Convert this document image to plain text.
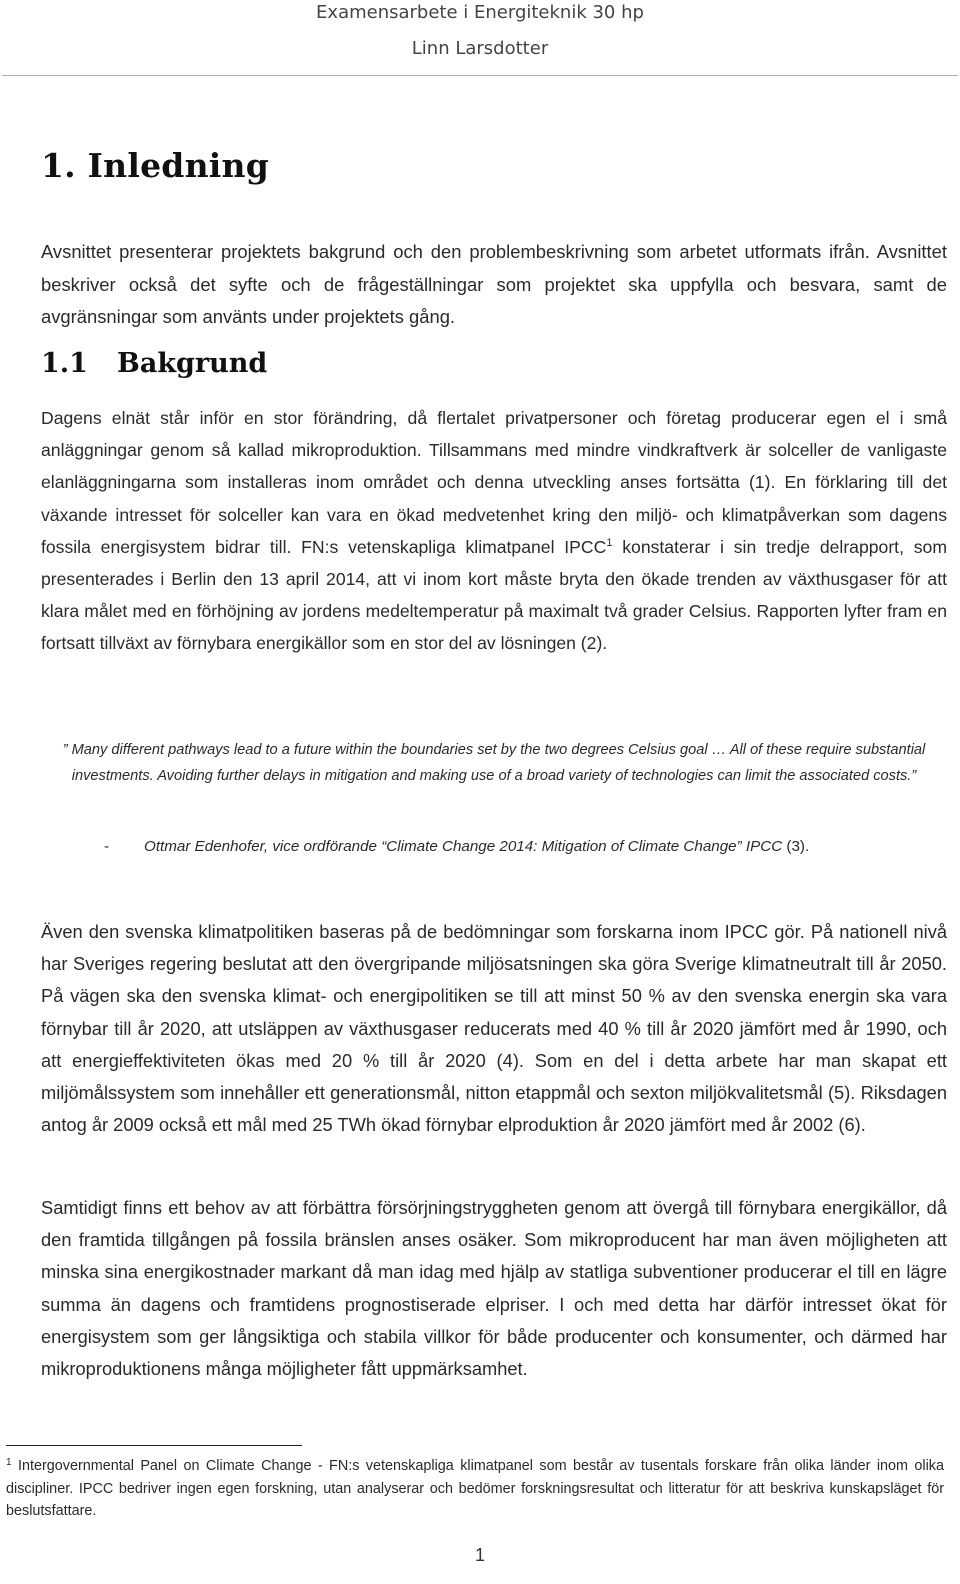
Examensarbete i Energiteknik 30 hp
Linn Larsdotter
1. Inledning

Avsnittet presenterar projektets bakgrund och den problembeskrivning som arbetet utformats ifrån. Avsnittet beskriver också det syfte och de frågeställningar som projektet ska uppfylla och besvara, samt de avgränsningar som använts under projektets gång.

1.1 Bakgrund

Dagens elnät står inför en stor förändring, då flertalet privatpersoner och företag producerar egen el i små anläggningar genom så kallad mikroproduktion. Tillsammans med mindre vindkraftverk är solceller de vanligaste elanläggningarna som installeras inom området och denna utveckling anses fortsätta (1). En förklaring till det växande intresset för solceller kan vara en ökad medvetenhet kring den miljö- och klimatpåverkan som dagens fossila energisystem bidrar till. FN:s vetenskapliga klimatpanel IPCC$^1$ konstaterar i sin tredje delrapport, som presenterades i Berlin den 13 april 2014, att vi inom kort måste bryta den ökade trenden av växthusgaser för att klara målet med en förhöjning av jordens medeltemperatur på maximalt två grader Celsius. Rapporten lyfter fram en fortsatt tillväxt av förnybara energikällor som en stor del av lösningen (2).

” Many different pathways lead to a future within the boundaries set by the two degrees Celsius goal … All of these require substantial investments. Avoiding further delays in mitigation and making use of a broad variety of technologies can limit the associated costs.”

- Ottmar Edenhofer, vice ordförande “Climate Change 2014: Mitigation of Climate Change” IPCC (3).

Även den svenska klimatpolitiken baseras på de bedömningar som forskarna inom IPCC gör. På nationell nivå har Sveriges regering beslutat att den övergripande miljösatsningen ska göra Sverige klimatneutralt till år 2050. På vägen ska den svenska klimat- och energipolitiken se till att minst 50 % av den svenska energin ska vara förnybar till år 2020, att utsläppen av växthusgaser reducerats med 40 % till år 2020 jämfört med år 1990, och att energieffektiviteten ökas med 20 % till år 2020 (4). Som en del i detta arbete har man skapat ett miljömålssystem som innehåller ett generationsmål, nitton etappmål och sexton miljökvalitetsmål (5). Riksdagen antog år 2009 också ett mål med 25 TWh ökad förnybar elproduktion år 2020 jämfört med år 2002 (6).

Samtidigt finns ett behov av att förbättra försörjningstryggheten genom att övergå till förnybara energikällor, då den framtida tillgången på fossila bränslen anses osäker. Som mikroproducent har man även möjligheten att minska sina energikostnader markant då man idag med hjälp av statliga subventioner producerar el till en lägre summa än dagens och framtidens prognostiserade elpriser. I och med detta har därför intresset ökat för energisystem som ger långsiktiga och stabila villkor för både producenter och konsumenter, och därmed har mikroproduktionens många möjligheter fått uppmärksamhet.

$^1$ Intergovernmental Panel on Climate Change - FN:s vetenskapliga klimatpanel som består av tusentals forskare från olika länder inom olika discipliner. IPCC bedriver ingen egen forskning, utan analyserar och bedömer forskningsresultat och litteratur för att beskriva kunskapsläget för beslutsfattare.

1
